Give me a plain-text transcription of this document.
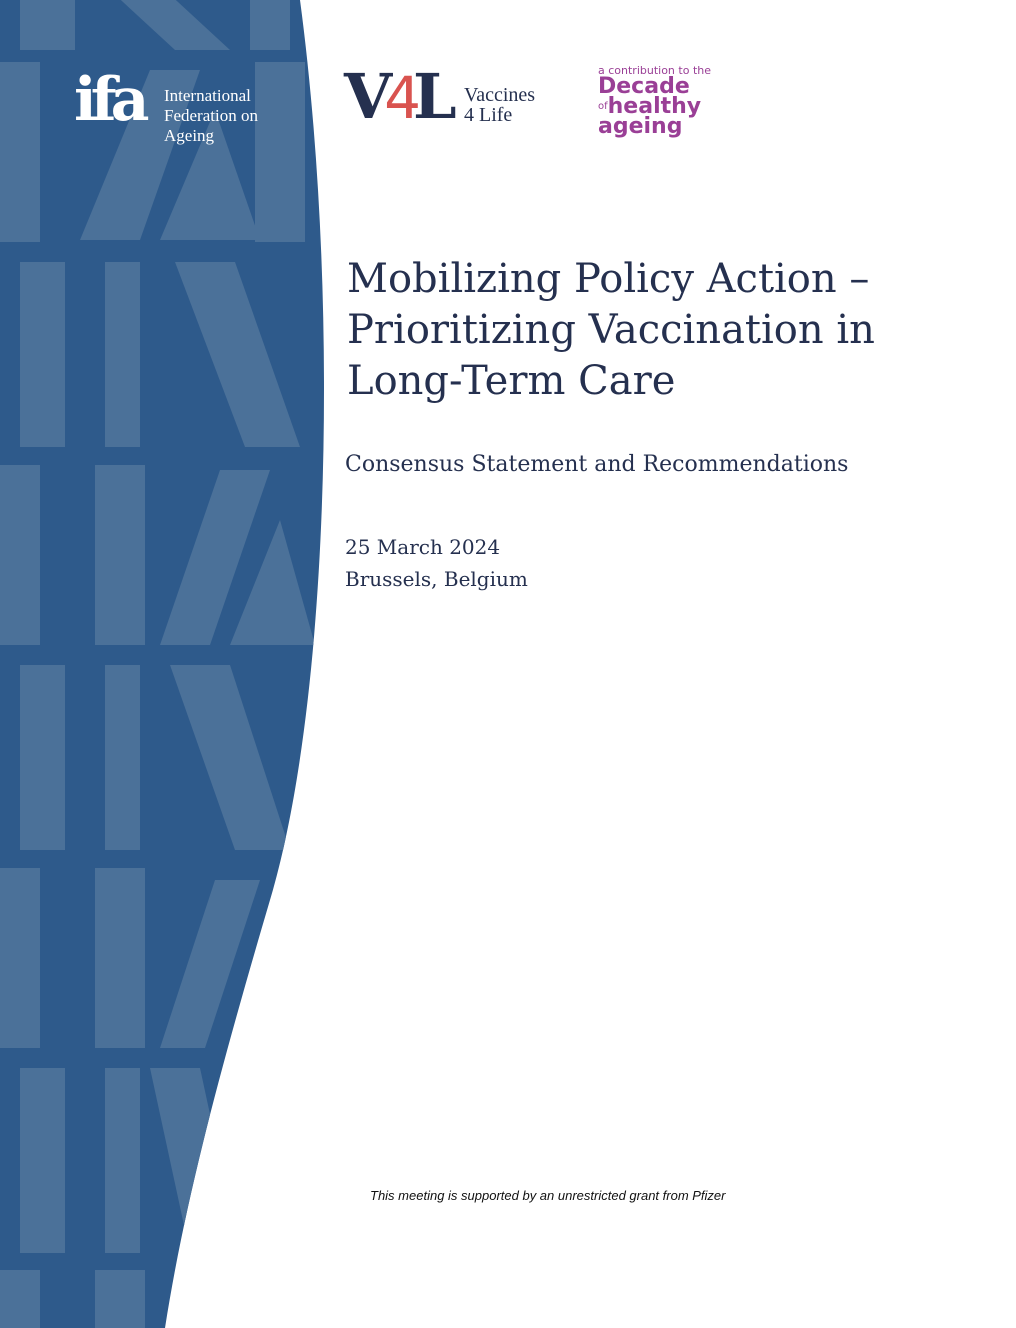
ifa International
Federation on
Ageing
V4L Vaccines
4 Life
a contribution to the
Decade
$^{of}$healthy
ageing
Mobilizing Policy Action –
Prioritizing Vaccination in
Long-Term Care
Consensus Statement and Recommendations
25 March 2024
Brussels, Belgium
This meeting is supported by an unrestricted grant from Pfizer
